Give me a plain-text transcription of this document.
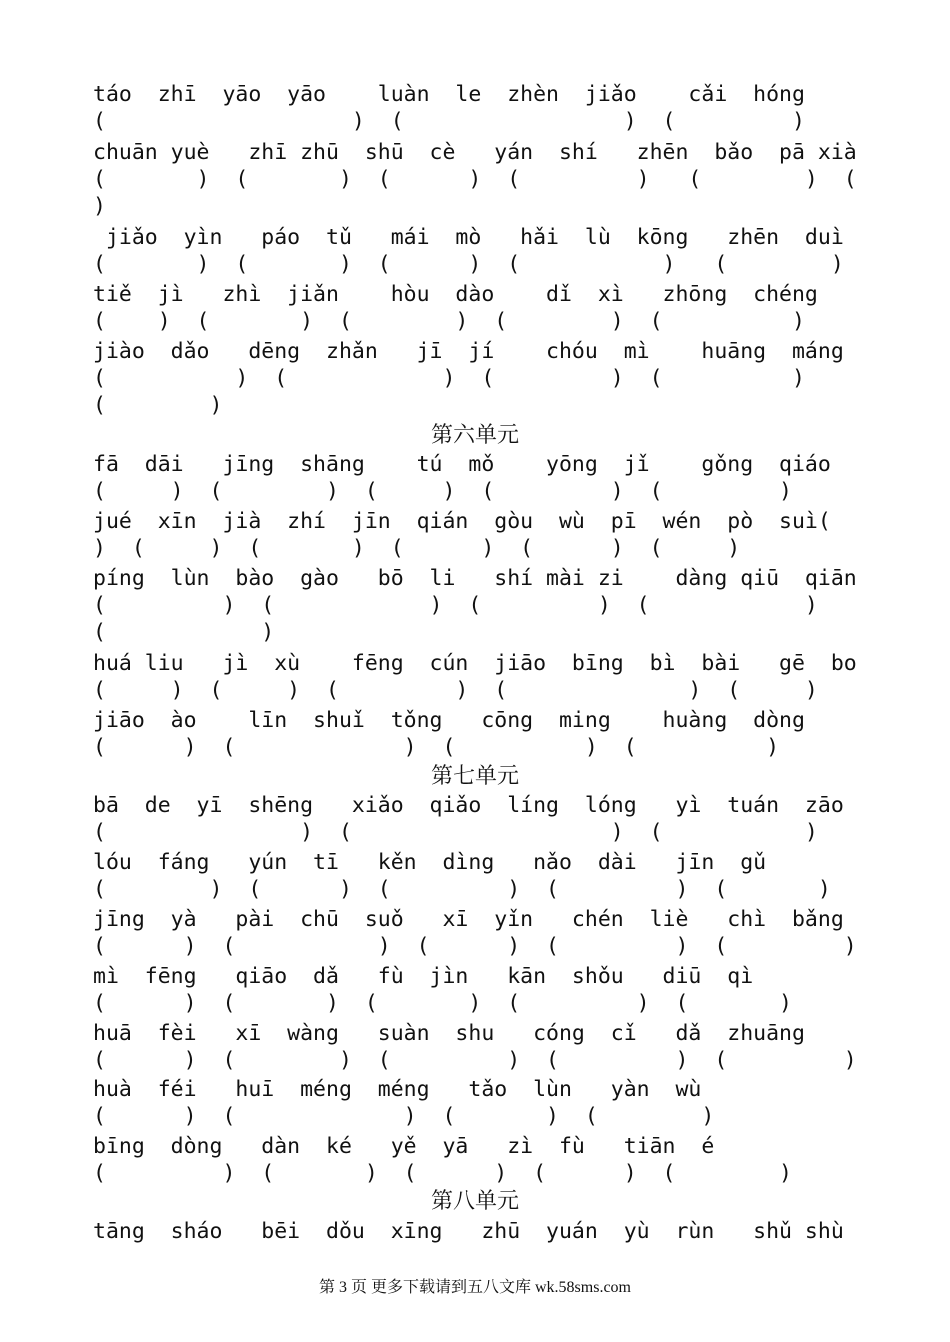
táo  zhī  yāo  yāo    luàn  le  zhèn  jiǎo    cǎi  hóng

(                   )  (                 )  (         )

chuān yuè   zhī zhū  shū  cè   yán  shí   zhēn  bǎo  pā xià

(       )  (       )  (      )  (         )   (        )  (

)

jiǎo  yìn   páo  tǔ   mái  mò   hǎi  lù  kōng   zhēn  duì

(       )  (       )  (      )  (           )   (        )

tiě  jì   zhì  jiǎn    hòu  dào    dǐ  xì   zhōng  chéng

(    )  (       )  (        )  (        )  (          )

jiào  dǎo   dēng  zhǎn   jī  jí    chóu  mì    huāng  máng

(          )  (            )  (         )  (          )

(        )

第六单元

fā  dāi   jīng  shāng    tú  mǒ    yōng  jǐ    gǒng  qiáo

(     )  (        )  (     )  (         )  (         )

jué  xīn  jià  zhí  jīn  qián  gòu  wù  pī  wén  pò  suì(

)  (     )  (       )  (      )  (      )  (     )

píng  lùn  bào  gào   bō  li   shí mài zi    dàng qiū  qiān

(         )  (            )  (         )  (            )

(            )

huá liu   jì  xù    fēng  cún  jiāo  bīng  bì  bài   gē  bo

(     )  (     )  (         )  (              )  (     )

jiāo  ào    līn  shuǐ  tǒng   cōng  ming    huàng  dòng

(      )  (             )  (          )  (          )

第七单元

bā  de  yī  shēng   xiǎo  qiǎo  líng  lóng   yì  tuán  zāo

(               )  (                    )  (           )

lóu  fáng   yún  tī   kěn  dìng   nǎo  dài   jīn  gǔ

(        )  (      )  (         )  (         )  (       )

jīng  yà   pài  chū  suǒ   xī  yǐn   chén  liè   chì  bǎng

(      )  (           )  (      )  (         )  (         )

mì  fēng   qiāo  dǎ   fù  jìn   kān  shǒu   diū  qì

(      )  (       )  (       )  (         )  (       )

huā  fèi   xī  wàng   suàn  shu   cóng  cǐ   dǎ  zhuāng

(      )  (        )  (         )  (         )  (         )

huà  féi   huī  méng  méng   tǎo  lùn   yàn  wù

(      )  (             )  (       )  (        )

bīng  dòng   dàn  ké   yě  yā   zì  fù   tiān  é

(         )  (       )  (      )  (      )  (        )

第八单元

tāng  sháo   bēi  dǒu  xīng   zhū  yuán  yù  rùn   shǔ shù

第 3 页 更多下载请到五八文库 wk.58sms.com
